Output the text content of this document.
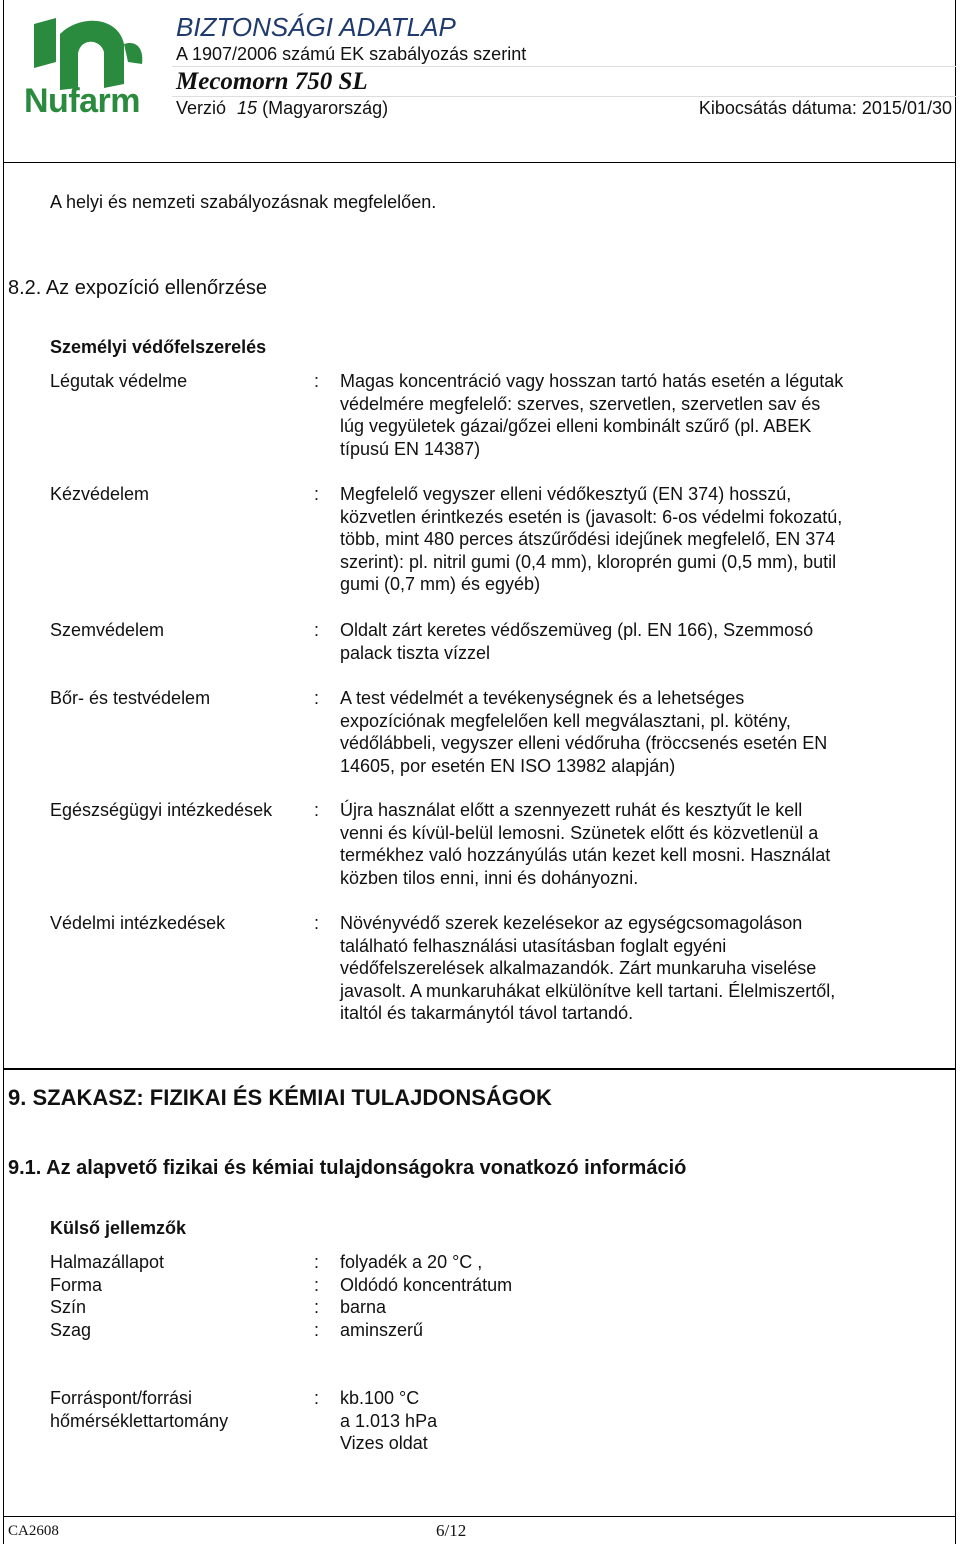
Nufarm
BIZTONSÁGI ADATLAP
A 1907/2006 számú EK szabályozás szerint
Mecomorn 750 SL
Verzió 15 (Magyarország)	Kibocsátás dátuma: 2015/01/30
A helyi és nemzeti szabályozásnak megfelelően.
8.2. Az expozíció ellenőrzése
Személyi védőfelszerelés
Légutak védelme	: Magas koncentráció vagy hosszan tartó hatás esetén a légutak
védelmére megfelelő: szerves, szervetlen, szervetlen sav és
lúg vegyületek gázai/gőzei elleni kombinált szűrő (pl. ABEK
típusú EN 14387)
Kézvédelem	: Megfelelő vegyszer elleni védőkesztyű (EN 374) hosszú,
közvetlen érintkezés esetén is (javasolt: 6-os védelmi fokozatú,
több, mint 480 perces átszűrődési idejűnek megfelelő, EN 374
szerint): pl. nitril gumi (0,4 mm), kloroprén gumi (0,5 mm), butil
gumi (0,7 mm) és egyéb)
Szemvédelem	: Oldalt zárt keretes védőszemüveg (pl. EN 166), Szemmosó
palack tiszta vízzel
Bőr- és testvédelem	: A test védelmét a tevékenységnek és a lehetséges
expozíciónak megfelelően kell megválasztani, pl. kötény,
védőlábbeli, vegyszer elleni védőruha (fröccsenés esetén EN
14605, por esetén EN ISO 13982 alapján)
Egészségügyi intézkedések : Újra használat előtt a szennyezett ruhát és kesztyűt le kell
venni és kívül-belül lemosni. Szünetek előtt és közvetlenül a
termékhez való hozzányúlás után kezet kell mosni. Használat
közben tilos enni, inni és dohányozni.
Védelmi intézkedések	: Növényvédő szerek kezelésekor az egységcsomagoláson
található felhasználási utasításban foglalt egyéni
védőfelszerelések alkalmazandók. Zárt munkaruha viselése
javasolt. A munkaruhákat elkülönítve kell tartani. Élelmiszertől,
italtól és takarmánytól távol tartandó.
9. SZAKASZ: FIZIKAI ÉS KÉMIAI TULAJDONSÁGOK
9.1. Az alapvető fizikai és kémiai tulajdonságokra vonatkozó információ
Külső jellemzők
Halmazállapot	: folyadék a 20 °C ,
Forma	: Oldódó koncentrátum
Szín	: barna
Szag	: aminszerű
Forráspont/forrási
hőmérséklettartomány
: kb.100 °C
a 1.013 hPa
Vizes oldat
CA2608	6/12
